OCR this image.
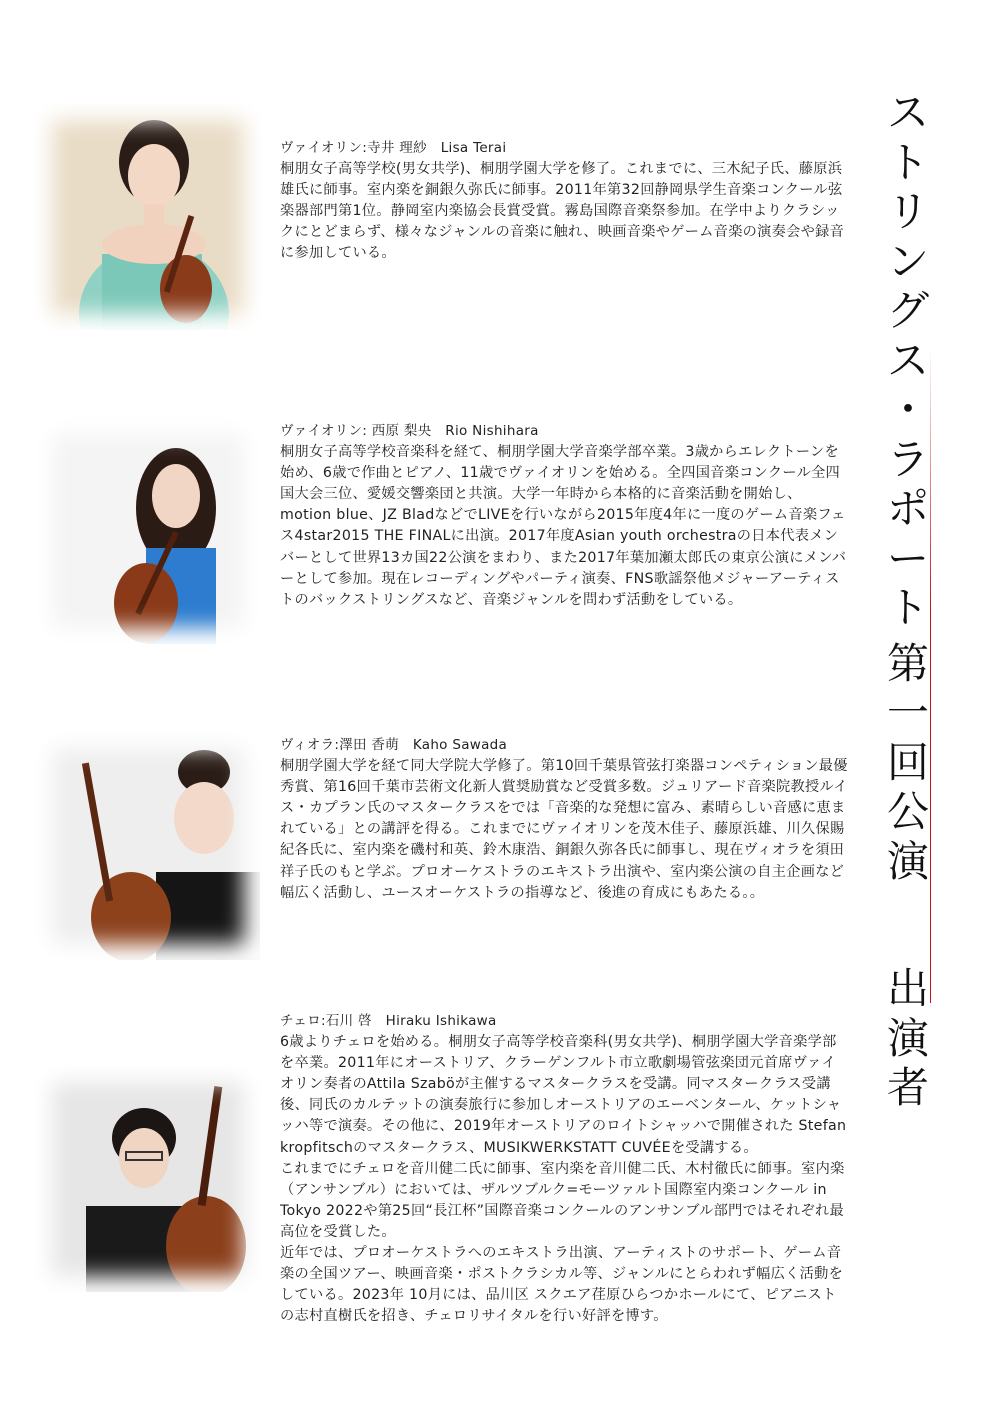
ス
ト
リ
ン
グ
ス
・
ラ
ポ
ー
ト
第
一
回
公
演
出
演
者
ヴァイオリン:寺井 理紗　Lisa Terai

桐朋女子高等学校(男女共学)、桐朋学園大学を修了。これまでに、三木紀子氏、藤原浜雄氏に師事。室内楽を銅銀久弥氏に師事。2011年第32回静岡県学生音楽コンクール弦楽器部門第1位。静岡室内楽協会長賞受賞。霧島国際音楽祭参加。在学中よりクラシックにとどまらず、様々なジャンルの音楽に触れ、映画音楽やゲーム音楽の演奏会や録音に参加している。

ヴァイオリン: 西原 梨央　Rio Nishihara

桐朋女子高等学校音楽科を経て、桐朋学園大学音楽学部卒業。3歳からエレクトーンを始め、6歳で作曲とピアノ、11歳でヴァイオリンを始める。全四国音楽コンクール全四国大会三位、愛媛交響楽団と共演。大学一年時から本格的に音楽活動を開始し、motion blue、JZ BladなどでLIVEを行いながら2015年度4年に一度のゲーム音楽フェス4star2015 THE FINALに出演。2017年度Asian youth orchestraの日本代表メンバーとして世界13カ国22公演をまわり、また2017年葉加瀬太郎氏の東京公演にメンバーとして参加。現在レコーディングやパーティ演奏、FNS歌謡祭他メジャーアーティストのバックストリングスなど、音楽ジャンルを問わず活動をしている。

ヴィオラ:澤田 香萌　Kaho Sawada

桐朋学園大学を経て同大学院大学修了。第10回千葉県管弦打楽器コンペティション最優秀賞、第16回千葉市芸術文化新人賞奨励賞など受賞多数。ジュリアード音楽院教授ルイス・カプラン氏のマスタークラスをでは「音楽的な発想に富み、素晴らしい音感に恵まれている」との講評を得る。これまでにヴァイオリンを茂木佳子、藤原浜雄、川久保賜紀各氏に、室内楽を磯村和英、鈴木康浩、銅銀久弥各氏に師事し、現在ヴィオラを須田祥子氏のもと学ぶ。プロオーケストラのエキストラ出演や、室内楽公演の自主企画など幅広く活動し、ユースオーケストラの指導など、後進の育成にもあたる。。

チェロ:石川 啓　Hiraku Ishikawa

6歳よりチェロを始める。桐朋女子高等学校音楽科(男女共学)、桐朋学園大学音楽学部を卒業。2011年にオーストリア、クラーゲンフルト市立歌劇場管弦楽団元首席ヴァイオリン奏者のAttila Szaböが主催するマスタークラスを受講。同マスタークラス受講後、同氏のカルテットの演奏旅行に参加しオーストリアのエーベンタール、ケットシャッハ等で演奏。その他に、2019年オーストリアのロイトシャッハで開催された Stefan kropfitschのマスタークラス、MUSIKWERKSTATT CUVÉEを受講する。

これまでにチェロを音川健二氏に師事、室内楽を音川健二氏、木村徹氏に師事。室内楽（アンサンブル）においては、ザルツブルク=モーツァルト国際室内楽コンクール in Tokyo 2022や第25回“長江杯”国際音楽コンクールのアンサンブル部門ではそれぞれ最高位を受賞した。

近年では、プロオーケストラへのエキストラ出演、アーティストのサポート、ゲーム音楽の全国ツアー、映画音楽・ポストクラシカル等、ジャンルにとらわれず幅広く活動をしている。2023年 10月には、品川区 スクエア荏原ひらつかホールにて、ピアニストの志村直樹氏を招き、チェロリサイタルを行い好評を博す。
